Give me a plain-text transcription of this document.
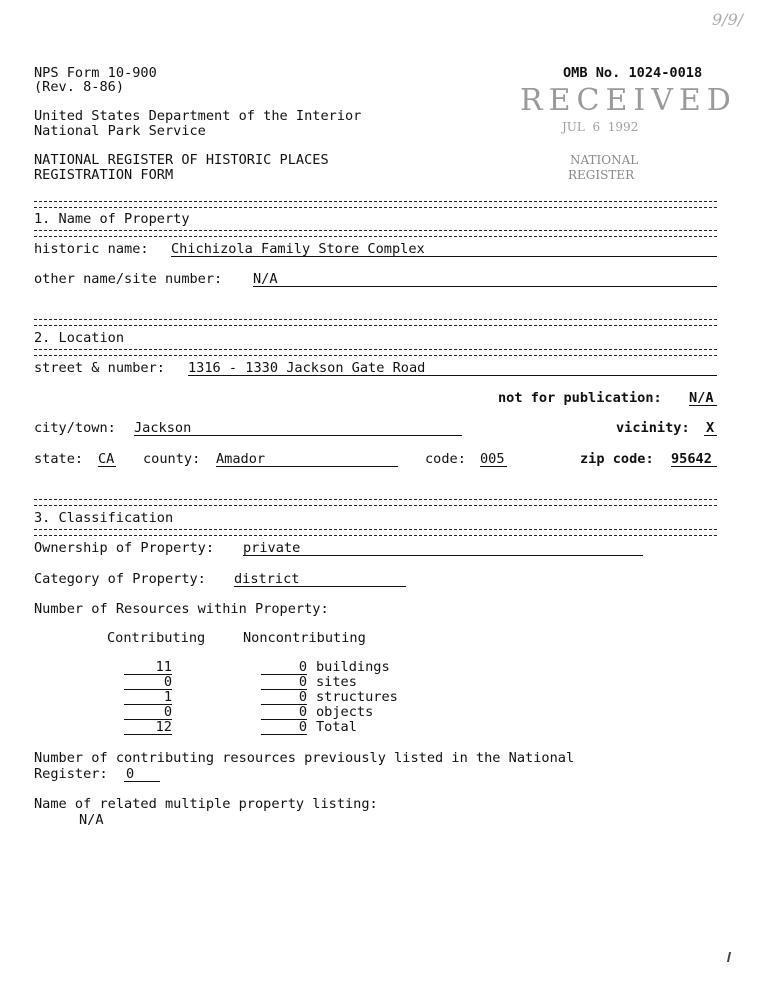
9/9/
NPS Form 10-900
(Rev. 8-86)
OMB No. 1024-0018
RECEIVED
JUL  6  1992
NATIONAL
REGISTER
United States Department of the Interior
National Park Service
NATIONAL REGISTER OF HISTORIC PLACES
REGISTRATION FORM
1. Name of Property
historic name: Chichizola Family Store Complex
other name/site number: N/A
2. Location
street & number: 1316 - 1330 Jackson Gate Road
not for publication: N/A
city/town: Jackson	vicinity: X
state: CA county: Amador	code: 005	zip code: 95642
3. Classification
Ownership of Property: private
Category of Property: district
Number of Resources within Property:
Contributing	Noncontributing
11	0 buildings
0	0 sites
1	0 structures
0	0 objects
12	0 Total
Number of contributing resources previously listed in the National
Register: 0
Name of related multiple property listing:
N/A
